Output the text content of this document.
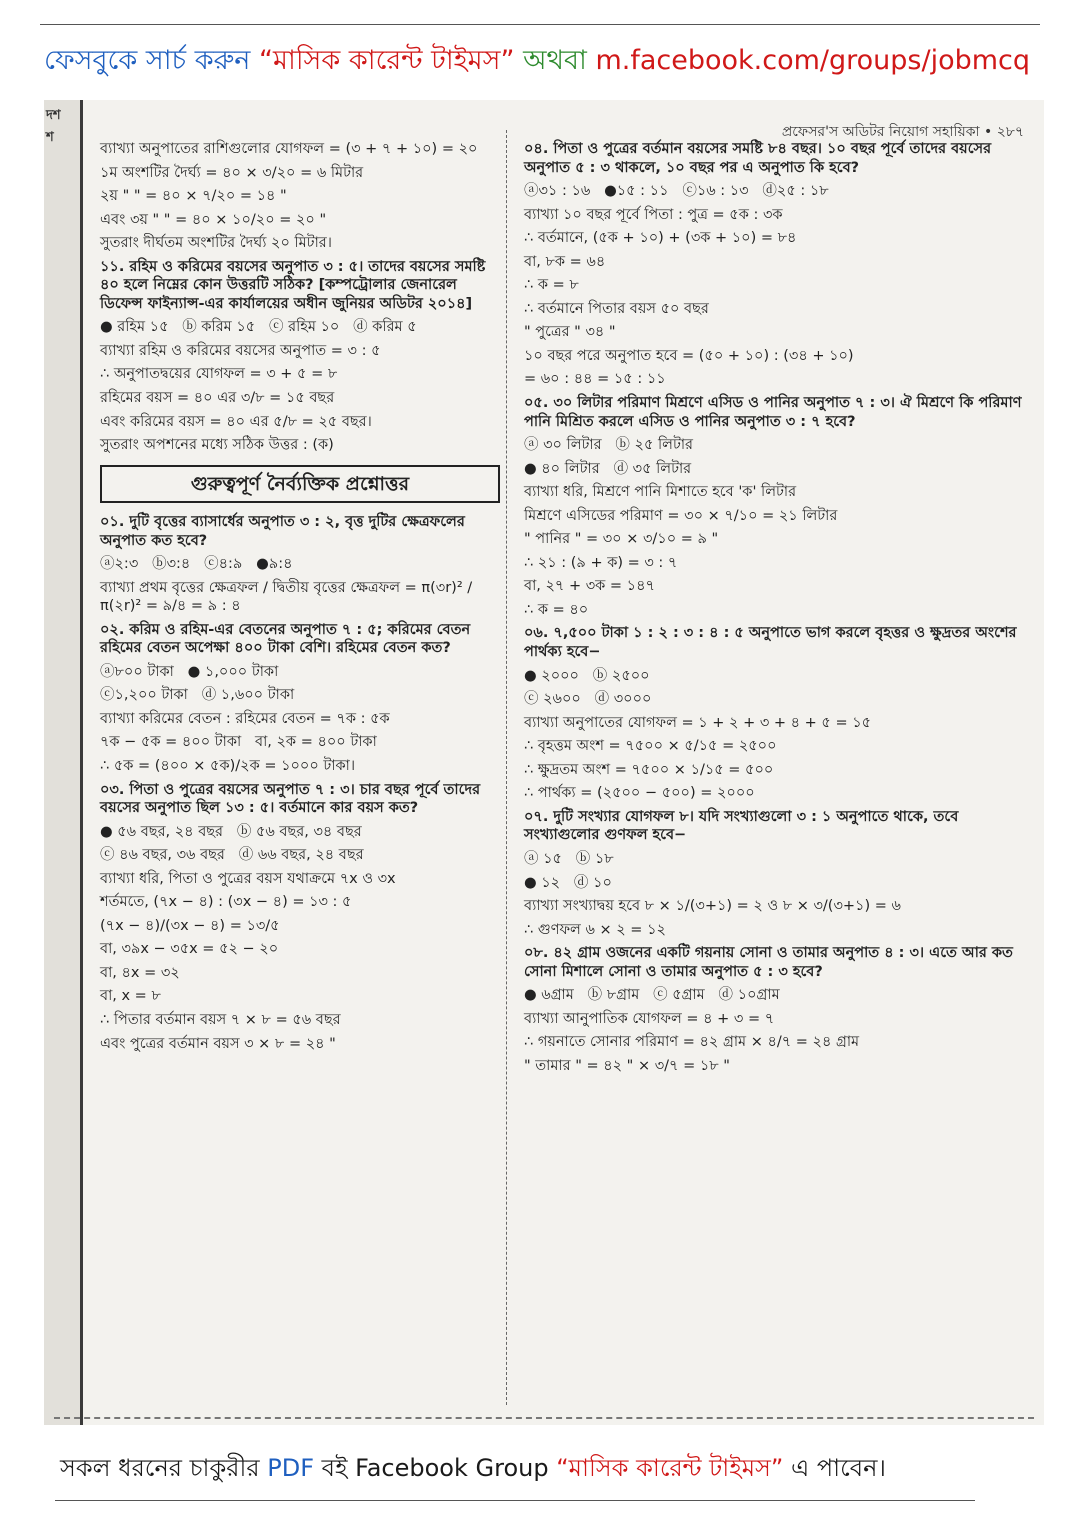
ফেসবুকে সার্চ করুন “মাসিক কারেন্ট টাইমস” অথবা m.facebook.com/groups/jobmcq
দশ
শ	প্রফেসর'স অডিটর নিয়োগ সহায়িকা • ২৮৭

ব্যাখ্যা অনুপাতের রাশিগুলোর যোগফল = (৩ + ৭ + ১০) = ২০

১ম অংশটির দৈর্ঘ্য = ৪০ × ৩/২০ = ৬ মিটার

২য় " " = ৪০ × ৭/২০ = ১৪ "

এবং ৩য় " " = ৪০ × ১০/২০ = ২০ "

সুতরাং দীর্ঘতম অংশটির দৈর্ঘ্য ২০ মিটার।

১১. রহিম ও করিমের বয়সের অনুপাত ৩ : ৫। তাদের বয়সের সমষ্টি ৪০ হলে নিম্নের কোন উত্তরটি সঠিক? [কম্পট্রোলার জেনারেল ডিফেন্স ফাইন্যান্স-এর কার্যালয়ের অধীন জুনিয়র অডিটর ২০১৪]

● রহিম ১৫   ⓑ করিম ১৫   ⓒ রহিম ১০   ⓓ করিম ৫

ব্যাখ্যা রহিম ও করিমের বয়সের অনুপাত = ৩ : ৫

∴ অনুপাতদ্বয়ের যোগফল = ৩ + ৫ = ৮

রহিমের বয়স = ৪০ এর ৩/৮ = ১৫ বছর

এবং করিমের বয়স = ৪০ এর ৫/৮ = ২৫ বছর।

সুতরাং অপশনের মধ্যে সঠিক উত্তর : (ক)

গুরুত্বপূর্ণ নৈর্ব্যক্তিক প্রশ্নোত্তর

০১. দুটি বৃত্তের ব্যাসার্ধের অনুপাত ৩ : ২, বৃত্ত দুটির ক্ষেত্রফলের অনুপাত কত হবে?

ⓐ২:৩   ⓑ৩:৪   ⓒ৪:৯   ●৯:৪

ব্যাখ্যা প্রথম বৃত্তের ক্ষেত্রফল / দ্বিতীয় বৃত্তের ক্ষেত্রফল = π(৩r)² / π(২r)² = ৯/৪ = ৯ : ৪

০২. করিম ও রহিম-এর বেতনের অনুপাত ৭ : ৫; করিমের বেতন রহিমের বেতন অপেক্ষা ৪০০ টাকা বেশি। রহিমের বেতন কত?

ⓐ৮০০ টাকা   ● ১,০০০ টাকা

ⓒ১,২০০ টাকা   ⓓ ১,৬০০ টাকা

ব্যাখ্যা করিমের বেতন : রহিমের বেতন = ৭ক : ৫ক

৭ক − ৫ক = ৪০০ টাকা   বা, ২ক = ৪০০ টাকা

∴ ৫ক = (৪০০ × ৫ক)/২ক = ১০০০ টাকা।

০৩. পিতা ও পুত্রের বয়সের অনুপাত ৭ : ৩। চার বছর পূর্বে তাদের বয়সের অনুপাত ছিল ১৩ : ৫। বর্তমানে কার বয়স কত?

● ৫৬ বছর, ২৪ বছর   ⓑ ৫৬ বছর, ৩৪ বছর

ⓒ ৪৬ বছর, ৩৬ বছর   ⓓ ৬৬ বছর, ২৪ বছর

ব্যাখ্যা ধরি, পিতা ও পুত্রের বয়স যথাক্রমে ৭x ও ৩x

শর্তমতে, (৭x − ৪) : (৩x − ৪) = ১৩ : ৫

(৭x − ৪)/(৩x − ৪) = ১৩/৫

বা, ৩৯x − ৩৫x = ৫২ − ২০

বা, ৪x = ৩২

বা, x = ৮

∴ পিতার বর্তমান বয়স ৭ × ৮ = ৫৬ বছর

এবং পুত্রের বর্তমান বয়স ৩ × ৮ = ২৪ "

০৪. পিতা ও পুত্রের বর্তমান বয়সের সমষ্টি ৮৪ বছর। ১০ বছর পূর্বে তাদের বয়সের অনুপাত ৫ : ৩ থাকলে, ১০ বছর পর এ অনুপাত কি হবে?

ⓐ৩১ : ১৬   ●১৫ : ১১   ⓒ১৬ : ১৩   ⓓ২৫ : ১৮

ব্যাখ্যা ১০ বছর পূর্বে পিতা : পুত্র = ৫ক : ৩ক

∴ বর্তমানে, (৫ক + ১০) + (৩ক + ১০) = ৮৪

বা, ৮ক = ৬৪

∴ ক = ৮

∴ বর্তমানে পিতার বয়স ৫০ বছর

" পুত্রের " ৩৪ "

১০ বছর পরে অনুপাত হবে = (৫০ + ১০) : (৩৪ + ১০)

= ৬০ : ৪৪ = ১৫ : ১১

০৫. ৩০ লিটার পরিমাণ মিশ্রণে এসিড ও পানির অনুপাত ৭ : ৩। ঐ মিশ্রণে কি পরিমাণ পানি মিশ্রিত করলে এসিড ও পানির অনুপাত ৩ : ৭ হবে?

ⓐ ৩০ লিটার   ⓑ ২৫ লিটার

● ৪০ লিটার   ⓓ ৩৫ লিটার

ব্যাখ্যা ধরি, মিশ্রণে পানি মিশাতে হবে 'ক' লিটার

মিশ্রণে এসিডের পরিমাণ = ৩০ × ৭/১০ = ২১ লিটার

" পানির " = ৩০ × ৩/১০ = ৯ "

∴ ২১ : (৯ + ক) = ৩ : ৭

বা, ২৭ + ৩ক = ১৪৭

∴ ক = ৪০

০৬. ৭,৫০০ টাকা ১ : ২ : ৩ : ৪ : ৫ অনুপাতে ভাগ করলে বৃহত্তর ও ক্ষুদ্রতর অংশের পার্থক্য হবে−

● ২০০০   ⓑ ২৫০০

ⓒ ২৬০০   ⓓ ৩০০০

ব্যাখ্যা অনুপাতের যোগফল = ১ + ২ + ৩ + ৪ + ৫ = ১৫

∴ বৃহত্তম অংশ = ৭৫০০ × ৫/১৫ = ২৫০০

∴ ক্ষুদ্রতম অংশ = ৭৫০০ × ১/১৫ = ৫০০

∴ পার্থক্য = (২৫০০ − ৫০০) = ২০০০

০৭. দুটি সংখ্যার যোগফল ৮। যদি সংখ্যাগুলো ৩ : ১ অনুপাতে থাকে, তবে সংখ্যাগুলোর গুণফল হবে−

ⓐ ১৫   ⓑ ১৮

● ১২   ⓓ ১০

ব্যাখ্যা সংখ্যাদ্বয় হবে ৮ × ১/(৩+১) = ২ ও ৮ × ৩/(৩+১) = ৬

∴ গুণফল ৬ × ২ = ১২

০৮. ৪২ গ্রাম ওজনের একটি গয়নায় সোনা ও তামার অনুপাত ৪ : ৩। এতে আর কত সোনা মিশালে সোনা ও তামার অনুপাত ৫ : ৩ হবে?

● ৬গ্রাম   ⓑ ৮গ্রাম   ⓒ ৫গ্রাম   ⓓ ১০গ্রাম

ব্যাখ্যা আনুপাতিক যোগফল = ৪ + ৩ = ৭

∴ গয়নাতে সোনার পরিমাণ = ৪২ গ্রাম × ৪/৭ = ২৪ গ্রাম

" তামার " = ৪২ " × ৩/৭ = ১৮ "

সকল ধরনের চাকুরীর PDF বই Facebook Group “মাসিক কারেন্ট টাইমস” এ পাবেন।
